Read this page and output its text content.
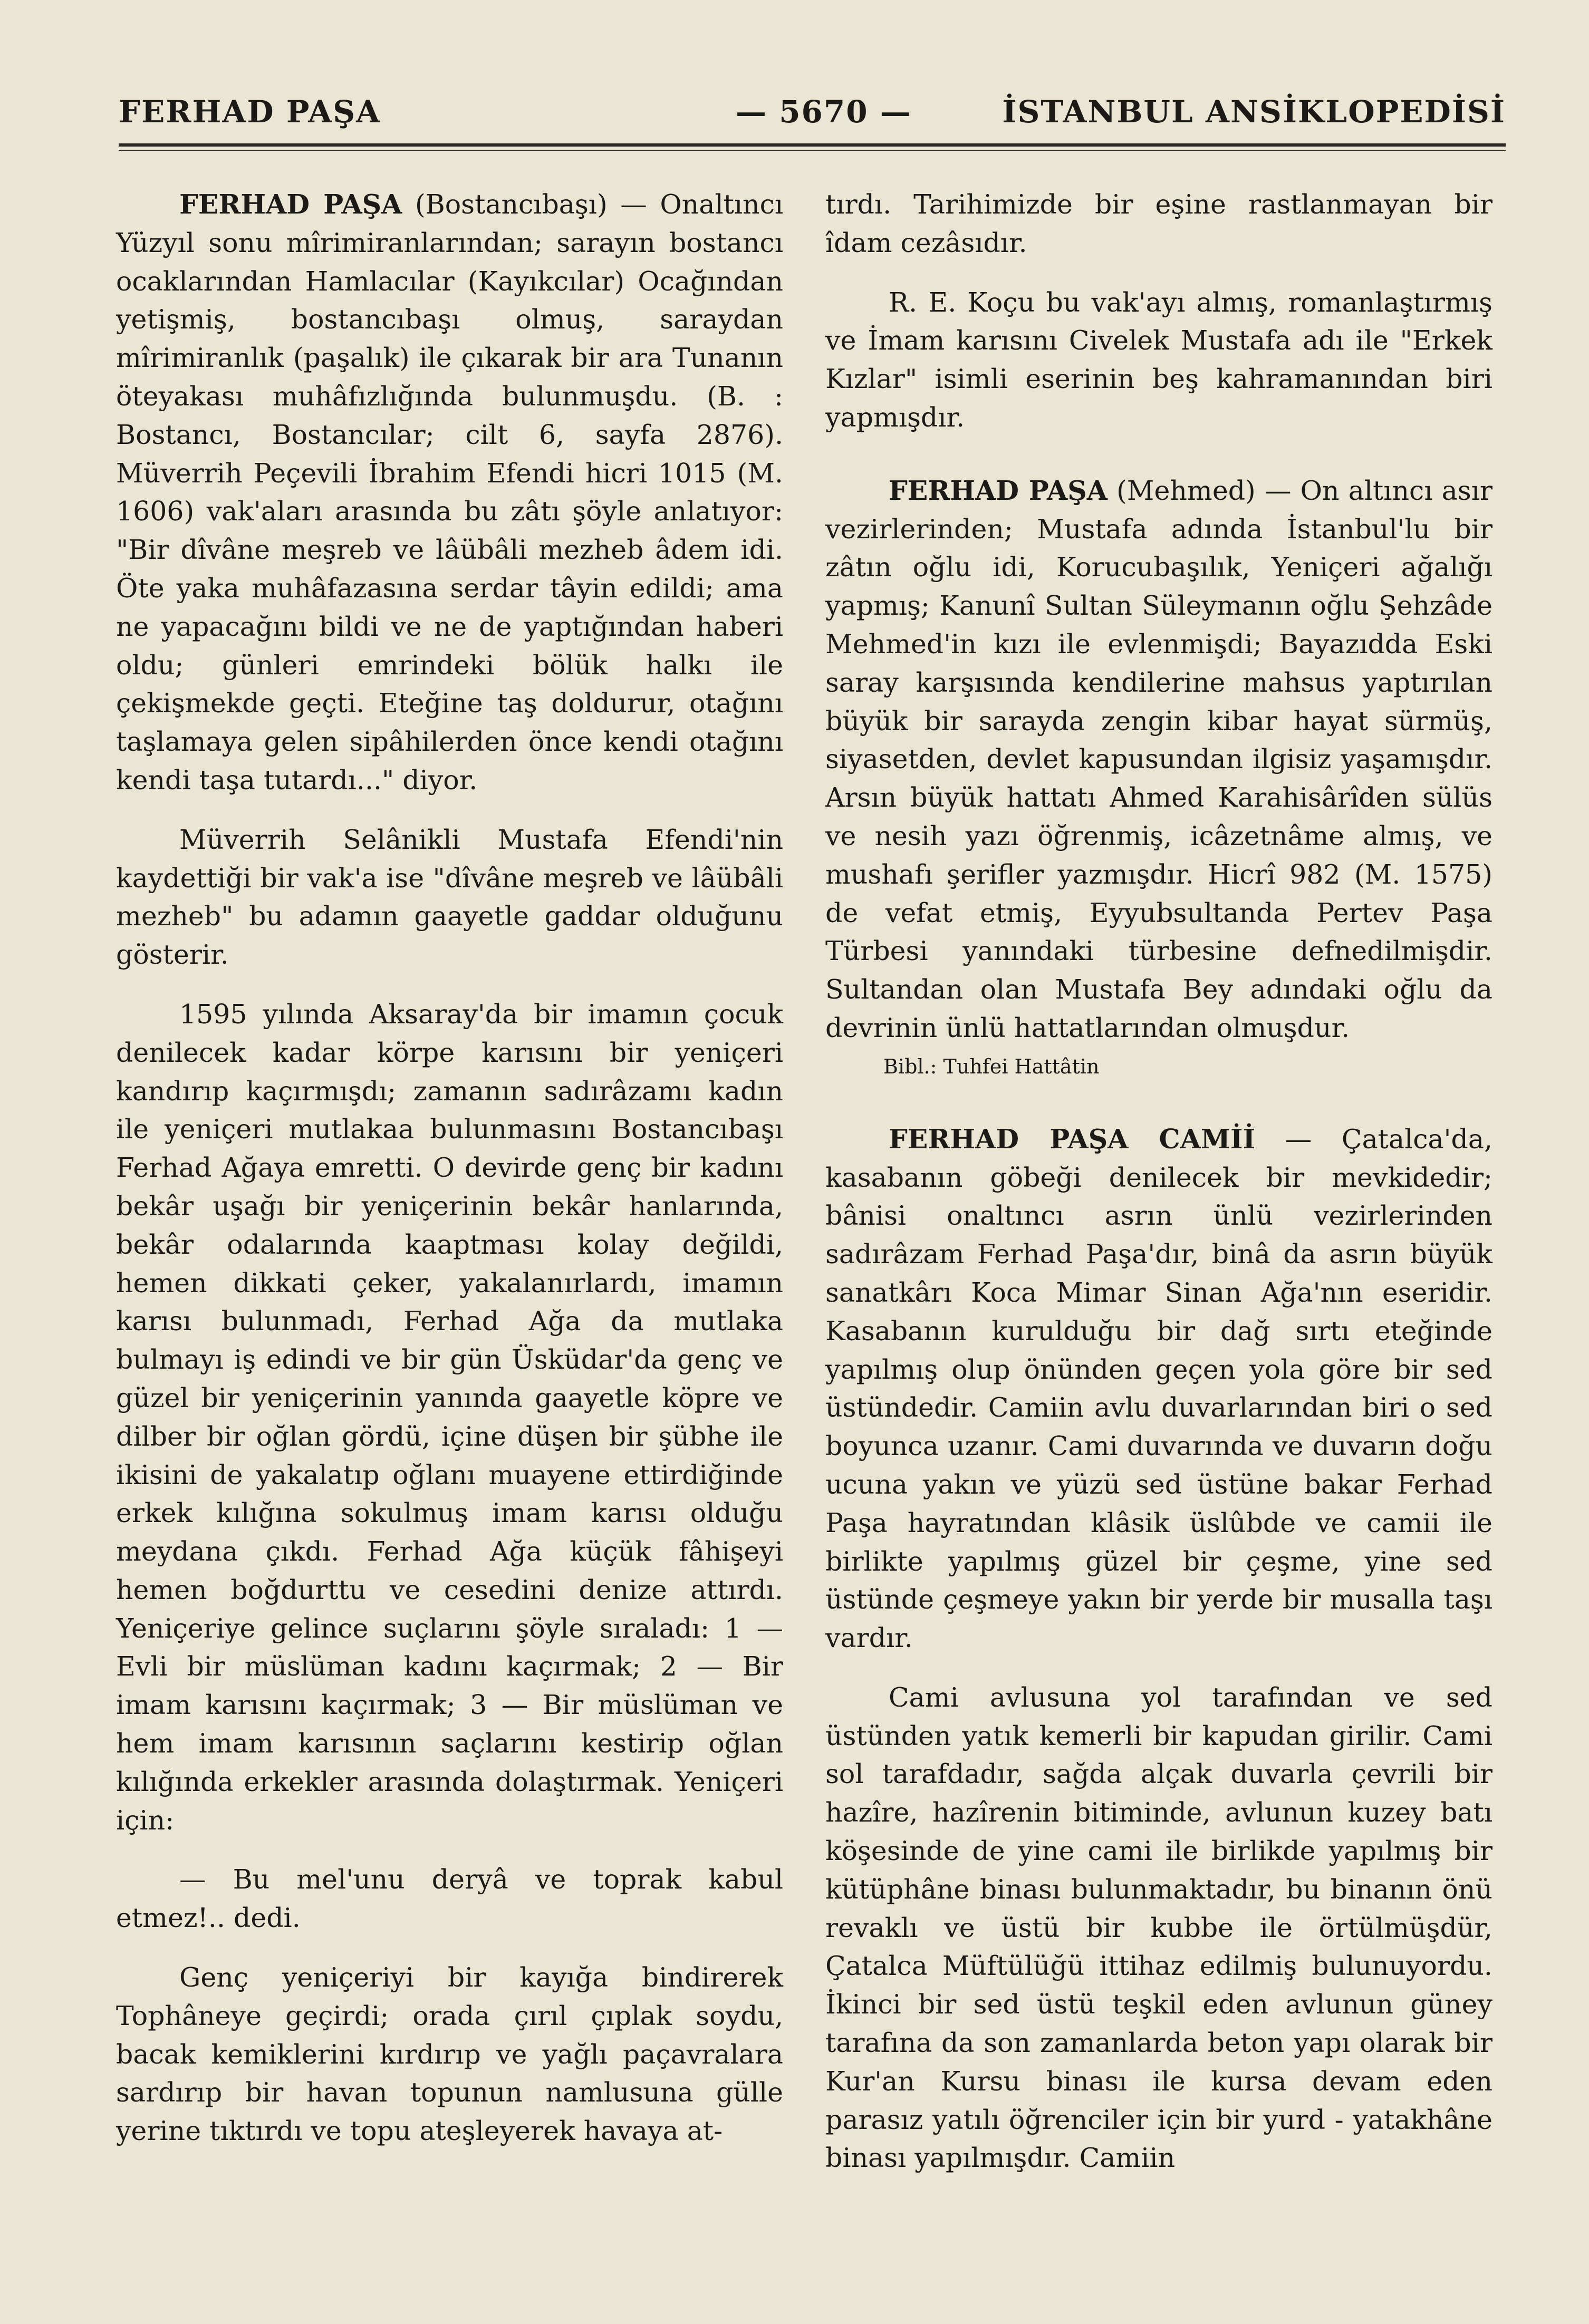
FERHAD PAŞA	— 5670 —	İSTANBUL ANSİKLOPEDİSİ

FERHAD PAŞA (Bostancıbaşı) — Onaltıncı Yüzyıl sonu mîrimiranlarından; sarayın bostancı ocaklarından Hamlacılar (Kayıkcılar) Ocağından yetişmiş, bostancıbaşı olmuş, saraydan mîrimiranlık (paşalık) ile çıkarak bir ara Tunanın öteyakası muhâfızlığında bulunmuşdu. (B. : Bostancı, Bostancılar; cilt 6, sayfa 2876). Müverrih Peçevili İbrahim Efendi hicri 1015 (M. 1606) vak'aları arasında bu zâtı şöyle anlatıyor: "Bir dîvâne meşreb ve lâübâli mezheb âdem idi. Öte yaka muhâfazasına serdar tâyin edildi; ama ne yapacağını bildi ve ne de yaptığından haberi oldu; günleri emrindeki bölük halkı ile çekişmekde geçti. Eteğine taş doldurur, otağını taşlamaya gelen sipâhilerden önce kendi otağını kendi taşa tutardı..." diyor.

Müverrih Selânikli Mustafa Efendi'nin kaydettiği bir vak'a ise "dîvâne meşreb ve lâübâli mezheb" bu adamın gaayetle gaddar olduğunu gösterir.

1595 yılında Aksaray'da bir imamın çocuk denilecek kadar körpe karısını bir yeniçeri kandırıp kaçırmışdı; zamanın sadırâzamı kadın ile yeniçeri mutlakaa bulunmasını Bostancıbaşı Ferhad Ağaya emretti. O devirde genç bir kadını bekâr uşağı bir yeniçerinin bekâr hanlarında, bekâr odalarında kaaptması kolay değildi, hemen dikkati çeker, yakalanırlardı, imamın karısı bulunmadı, Ferhad Ağa da mutlaka bulmayı iş edindi ve bir gün Üsküdar'da genç ve güzel bir yeniçerinin yanında gaayetle köpre ve dilber bir oğlan gördü, içine düşen bir şübhe ile ikisini de yakalatıp oğlanı muayene ettirdiğinde erkek kılığına sokulmuş imam karısı olduğu meydana çıkdı. Ferhad Ağa küçük fâhişeyi hemen boğdurttu ve cesedini denize attırdı. Yeniçeriye gelince suçlarını şöyle sıraladı: 1 — Evli bir müslüman kadını kaçırmak; 2 — Bir imam karısını kaçırmak; 3 — Bir müslüman ve hem imam karısının saçlarını kestirip oğlan kılığında erkekler arasında dolaştırmak. Yeniçeri için:

— Bu mel'unu deryâ ve toprak kabul etmez!.. dedi.

Genç yeniçeriyi bir kayığa bindirerek Tophâneye geçirdi; orada çırıl çıplak soydu, bacak kemiklerini kırdırıp ve yağlı paçavralara sardırıp bir havan topunun namlusuna gülle yerine tıktırdı ve topu ateşleyerek havaya at-

tırdı. Tarihimizde bir eşine rastlanmayan bir îdam cezâsıdır.

R. E. Koçu bu vak'ayı almış, romanlaştırmış ve İmam karısını Civelek Mustafa adı ile "Erkek Kızlar" isimli eserinin beş kahramanından biri yapmışdır.

FERHAD PAŞA (Mehmed) — On altıncı asır vezirlerinden; Mustafa adında İstanbul'lu bir zâtın oğlu idi, Korucubaşılık, Yeniçeri ağalığı yapmış; Kanunî Sultan Süleymanın oğlu Şehzâde Mehmed'in kızı ile evlenmişdi; Bayazıdda Eski saray karşısında kendilerine mahsus yaptırılan büyük bir sarayda zengin kibar hayat sürmüş, siyasetden, devlet kapusundan ilgisiz yaşamışdır. Arsın büyük hattatı Ahmed Karahisârîden sülüs ve nesih yazı öğrenmiş, icâzetnâme almış, ve mushafı şerifler yazmışdır. Hicrî 982 (M. 1575) de vefat etmiş, Eyyubsultanda Pertev Paşa Türbesi yanındaki türbesine defnedilmişdir. Sultandan olan Mustafa Bey adındaki oğlu da devrinin ünlü hattatlarından olmuşdur.

Bibl.: Tuhfei Hattâtin

FERHAD PAŞA CAMİİ — Çatalca'da, kasabanın göbeği denilecek bir mevkidedir; bânisi onaltıncı asrın ünlü vezirlerinden sadırâzam Ferhad Paşa'dır, binâ da asrın büyük sanatkârı Koca Mimar Sinan Ağa'nın eseridir. Kasabanın kurulduğu bir dağ sırtı eteğinde yapılmış olup önünden geçen yola göre bir sed üstündedir. Camiin avlu duvarlarından biri o sed boyunca uzanır. Cami duvarında ve duvarın doğu ucuna yakın ve yüzü sed üstüne bakar Ferhad Paşa hayratından klâsik üslûbde ve camii ile birlikte yapılmış güzel bir çeşme, yine sed üstünde çeşmeye yakın bir yerde bir musalla taşı vardır.

Cami avlusuna yol tarafından ve sed üstünden yatık kemerli bir kapudan girilir. Cami sol tarafdadır, sağda alçak duvarla çevrili bir hazîre, hazîrenin bitiminde, avlunun kuzey batı köşesinde de yine cami ile birlikde yapılmış bir kütüphâne binası bulunmaktadır, bu binanın önü revaklı ve üstü bir kubbe ile örtülmüşdür, Çatalca Müftülüğü ittihaz edilmiş bulunuyordu. İkinci bir sed üstü teşkil eden avlunun güney tarafına da son zamanlarda beton yapı olarak bir Kur'an Kursu binası ile kursa devam eden parasız yatılı öğrenciler için bir yurd - yatakhâne binası yapılmışdır. Camiin
